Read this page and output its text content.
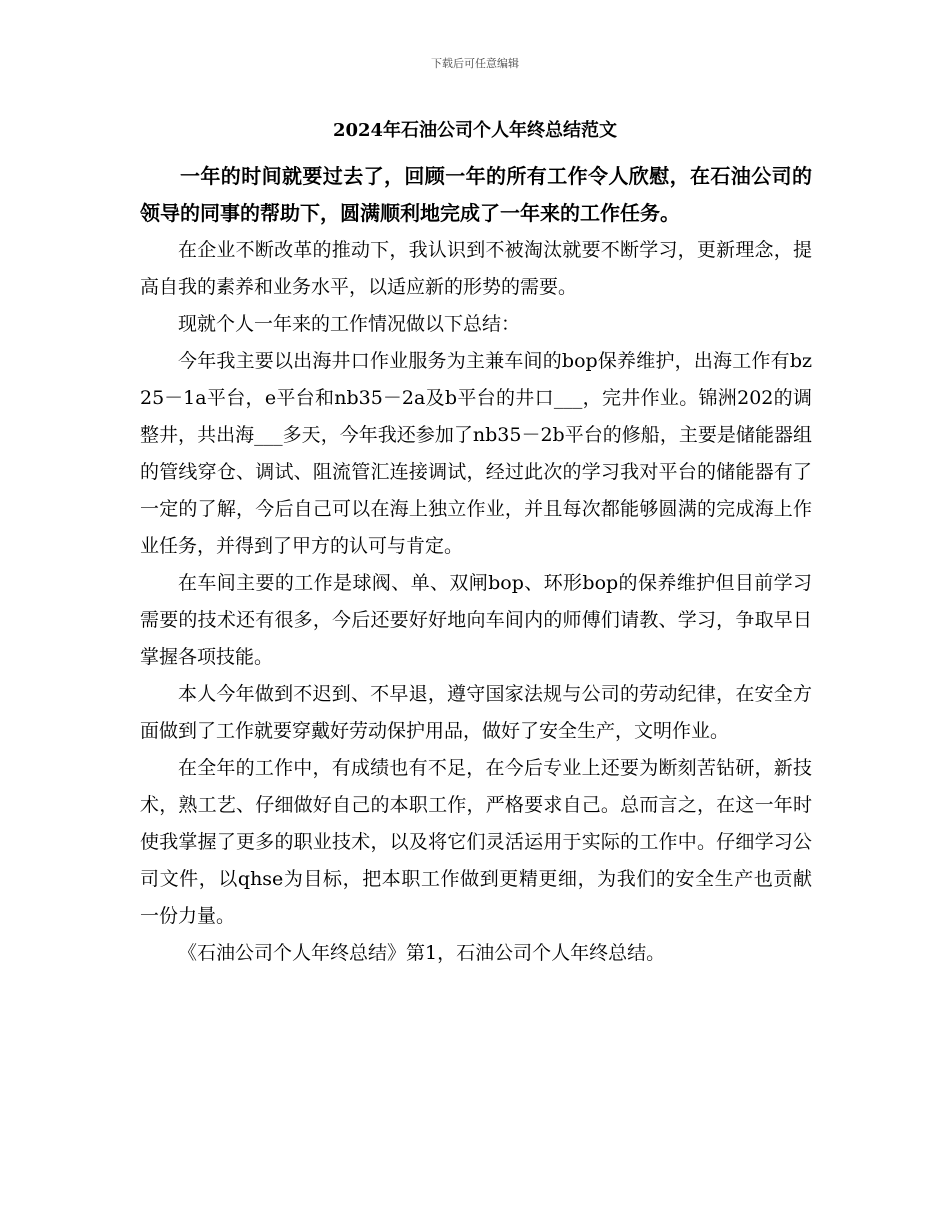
下载后可任意编辑
2024年石油公司个人年终总结范文

一年的时间就要过去了，回顾一年的所有工作令人欣慰，在石油公司的领导的同事的帮助下，圆满顺利地完成了一年来的工作任务。

在企业不断改革的推动下，我认识到不被淘汰就要不断学习，更新理念，提高自我的素养和业务水平，以适应新的形势的需要。

现就个人一年来的工作情况做以下总结：

今年我主要以出海井口作业服务为主兼车间的bop保养维护，出海工作有bz25－1a平台，e平台和nb35－2a及b平台的井口___，完井作业。锦洲202的调整井，共出海___多天，今年我还参加了nb35－2b平台的修船，主要是储能器组的管线穿仓、调试、阻流管汇连接调试，经过此次的学习我对平台的储能器有了一定的了解，今后自己可以在海上独立作业，并且每次都能够圆满的完成海上作业任务，并得到了甲方的认可与肯定。

在车间主要的工作是球阀、单、双闸bop、环形bop的保养维护但目前学习需要的技术还有很多，今后还要好好地向车间内的师傅们请教、学习，争取早日掌握各项技能。

本人今年做到不迟到、不早退，遵守国家法规与公司的劳动纪律，在安全方面做到了工作就要穿戴好劳动保护用品，做好了安全生产，文明作业。

在全年的工作中，有成绩也有不足，在今后专业上还要为断刻苦钻研，新技术，熟工艺、仔细做好自己的本职工作，严格要求自己。总而言之，在这一年时使我掌握了更多的职业技术，以及将它们灵活运用于实际的工作中。仔细学习公司文件，以qhse为目标，把本职工作做到更精更细，为我们的安全生产也贡献一份力量。

《石油公司个人年终总结》第1，石油公司个人年终总结。
